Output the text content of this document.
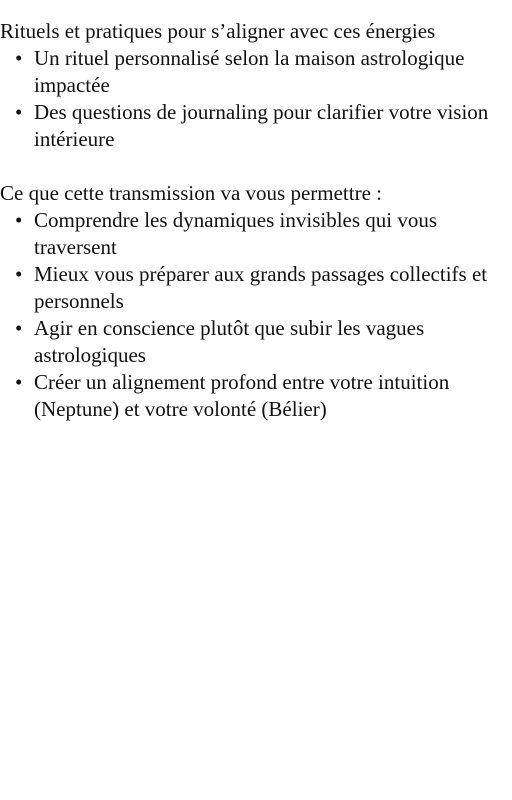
Rituels et pratiques pour s’aligner avec ces énergies

• Un rituel personnalisé selon la maison astrologique impactée
• Des questions de journaling pour clarifier votre vision intérieure

Ce que cette transmission va vous permettre :

• Comprendre les dynamiques invisibles qui vous traversent
• Mieux vous préparer aux grands passages collectifs et personnels
• Agir en conscience plutôt que subir les vagues astrologiques
• Créer un alignement profond entre votre intuition (Neptune) et votre volonté (Bélier)
